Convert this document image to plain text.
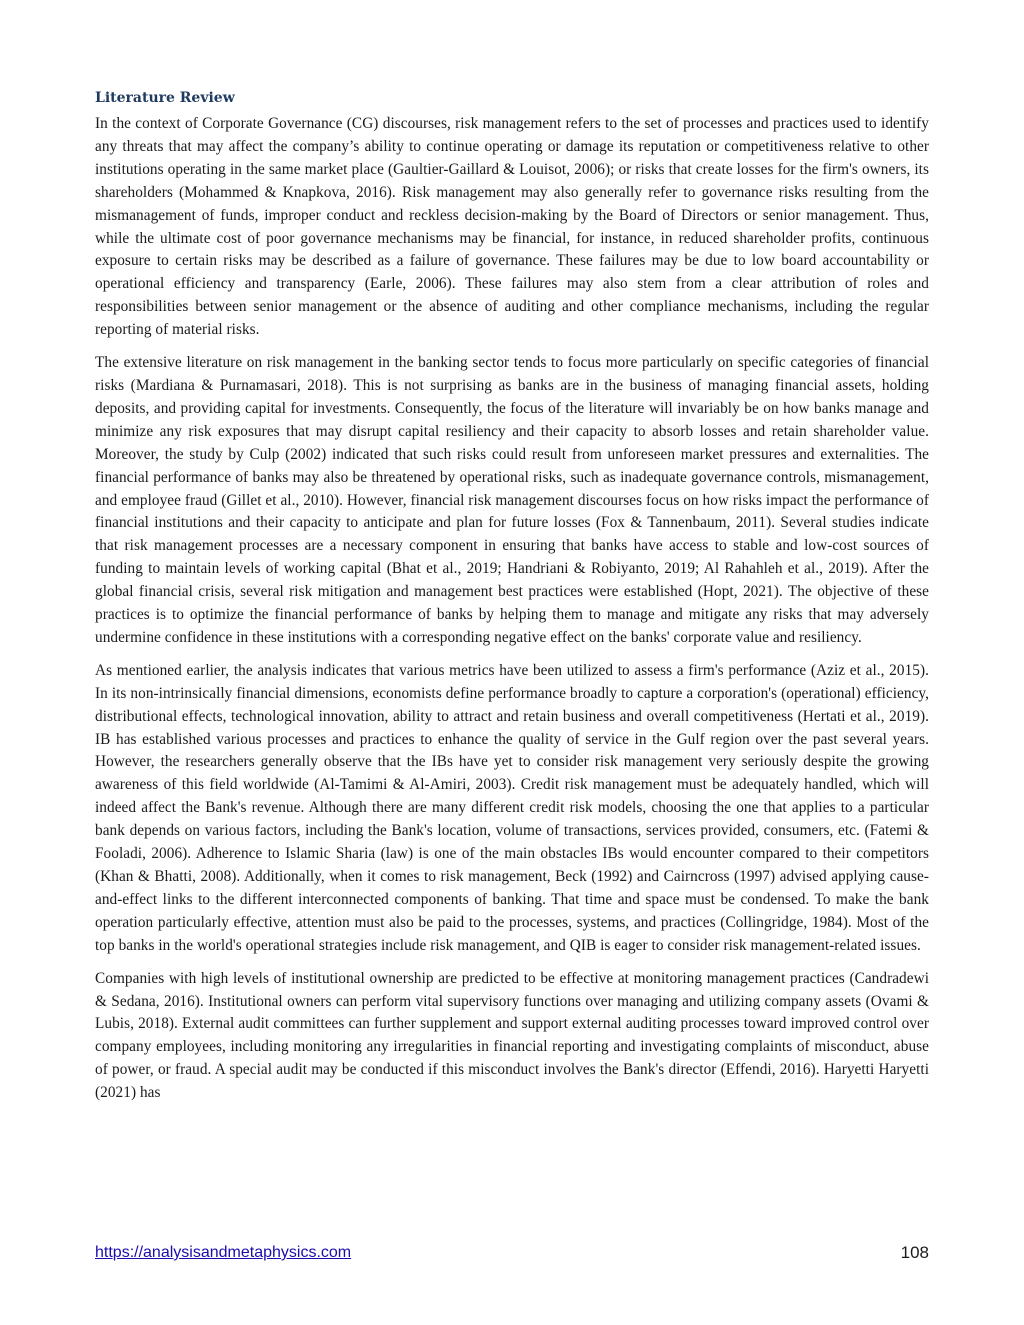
Literature Review

In the context of Corporate Governance (CG) discourses, risk management refers to the set of processes and practices used to identify any threats that may affect the company’s ability to continue operating or damage its reputation or competitiveness relative to other institutions operating in the same market place (Gaultier-Gaillard & Louisot, 2006); or risks that create losses for the firm's owners, its shareholders (Mohammed & Knapkova, 2016). Risk management may also generally refer to governance risks resulting from the mismanagement of funds, improper conduct and reckless decision-making by the Board of Directors or senior management. Thus, while the ultimate cost of poor governance mechanisms may be financial, for instance, in reduced shareholder profits, continuous exposure to certain risks may be described as a failure of governance. These failures may be due to low board accountability or operational efficiency and transparency (Earle, 2006). These failures may also stem from a clear attribution of roles and responsibilities between senior management or the absence of auditing and other compliance mechanisms, including the regular reporting of material risks.

The extensive literature on risk management in the banking sector tends to focus more particularly on specific categories of financial risks (Mardiana & Purnamasari, 2018). This is not surprising as banks are in the business of managing financial assets, holding deposits, and providing capital for investments. Consequently, the focus of the literature will invariably be on how banks manage and minimize any risk exposures that may disrupt capital resiliency and their capacity to absorb losses and retain shareholder value. Moreover, the study by Culp (2002) indicated that such risks could result from unforeseen market pressures and externalities. The financial performance of banks may also be threatened by operational risks, such as inadequate governance controls, mismanagement, and employee fraud (Gillet et al., 2010). However, financial risk management discourses focus on how risks impact the performance of financial institutions and their capacity to anticipate and plan for future losses (Fox & Tannenbaum, 2011). Several studies indicate that risk management processes are a necessary component in ensuring that banks have access to stable and low-cost sources of funding to maintain levels of working capital (Bhat et al., 2019; Handriani & Robiyanto, 2019; Al Rahahleh et al., 2019). After the global financial crisis, several risk mitigation and management best practices were established (Hopt, 2021). The objective of these practices is to optimize the financial performance of banks by helping them to manage and mitigate any risks that may adversely undermine confidence in these institutions with a corresponding negative effect on the banks' corporate value and resiliency.

As mentioned earlier, the analysis indicates that various metrics have been utilized to assess a firm's performance (Aziz et al., 2015). In its non-intrinsically financial dimensions, economists define performance broadly to capture a corporation's (operational) efficiency, distributional effects, technological innovation, ability to attract and retain business and overall competitiveness (Hertati et al., 2019). IB has established various processes and practices to enhance the quality of service in the Gulf region over the past several years. However, the researchers generally observe that the IBs have yet to consider risk management very seriously despite the growing awareness of this field worldwide (Al-Tamimi & Al-Amiri, 2003). Credit risk management must be adequately handled, which will indeed affect the Bank's revenue. Although there are many different credit risk models, choosing the one that applies to a particular bank depends on various factors, including the Bank's location, volume of transactions, services provided, consumers, etc. (Fatemi & Fooladi, 2006). Adherence to Islamic Sharia (law) is one of the main obstacles IBs would encounter compared to their competitors (Khan & Bhatti, 2008). Additionally, when it comes to risk management, Beck (1992) and Cairncross (1997) advised applying cause-and-effect links to the different interconnected components of banking. That time and space must be condensed. To make the bank operation particularly effective, attention must also be paid to the processes, systems, and practices (Collingridge, 1984). Most of the top banks in the world's operational strategies include risk management, and QIB is eager to consider risk management-related issues.

Companies with high levels of institutional ownership are predicted to be effective at monitoring management practices (Candradewi & Sedana, 2016). Institutional owners can perform vital supervisory functions over managing and utilizing company assets (Ovami & Lubis, 2018). External audit committees can further supplement and support external auditing processes toward improved control over company employees, including monitoring any irregularities in financial reporting and investigating complaints of misconduct, abuse of power, or fraud. A special audit may be conducted if this misconduct involves the Bank's director (Effendi, 2016). Haryetti Haryetti (2021) has

https://analysisandmetaphysics.com	108
